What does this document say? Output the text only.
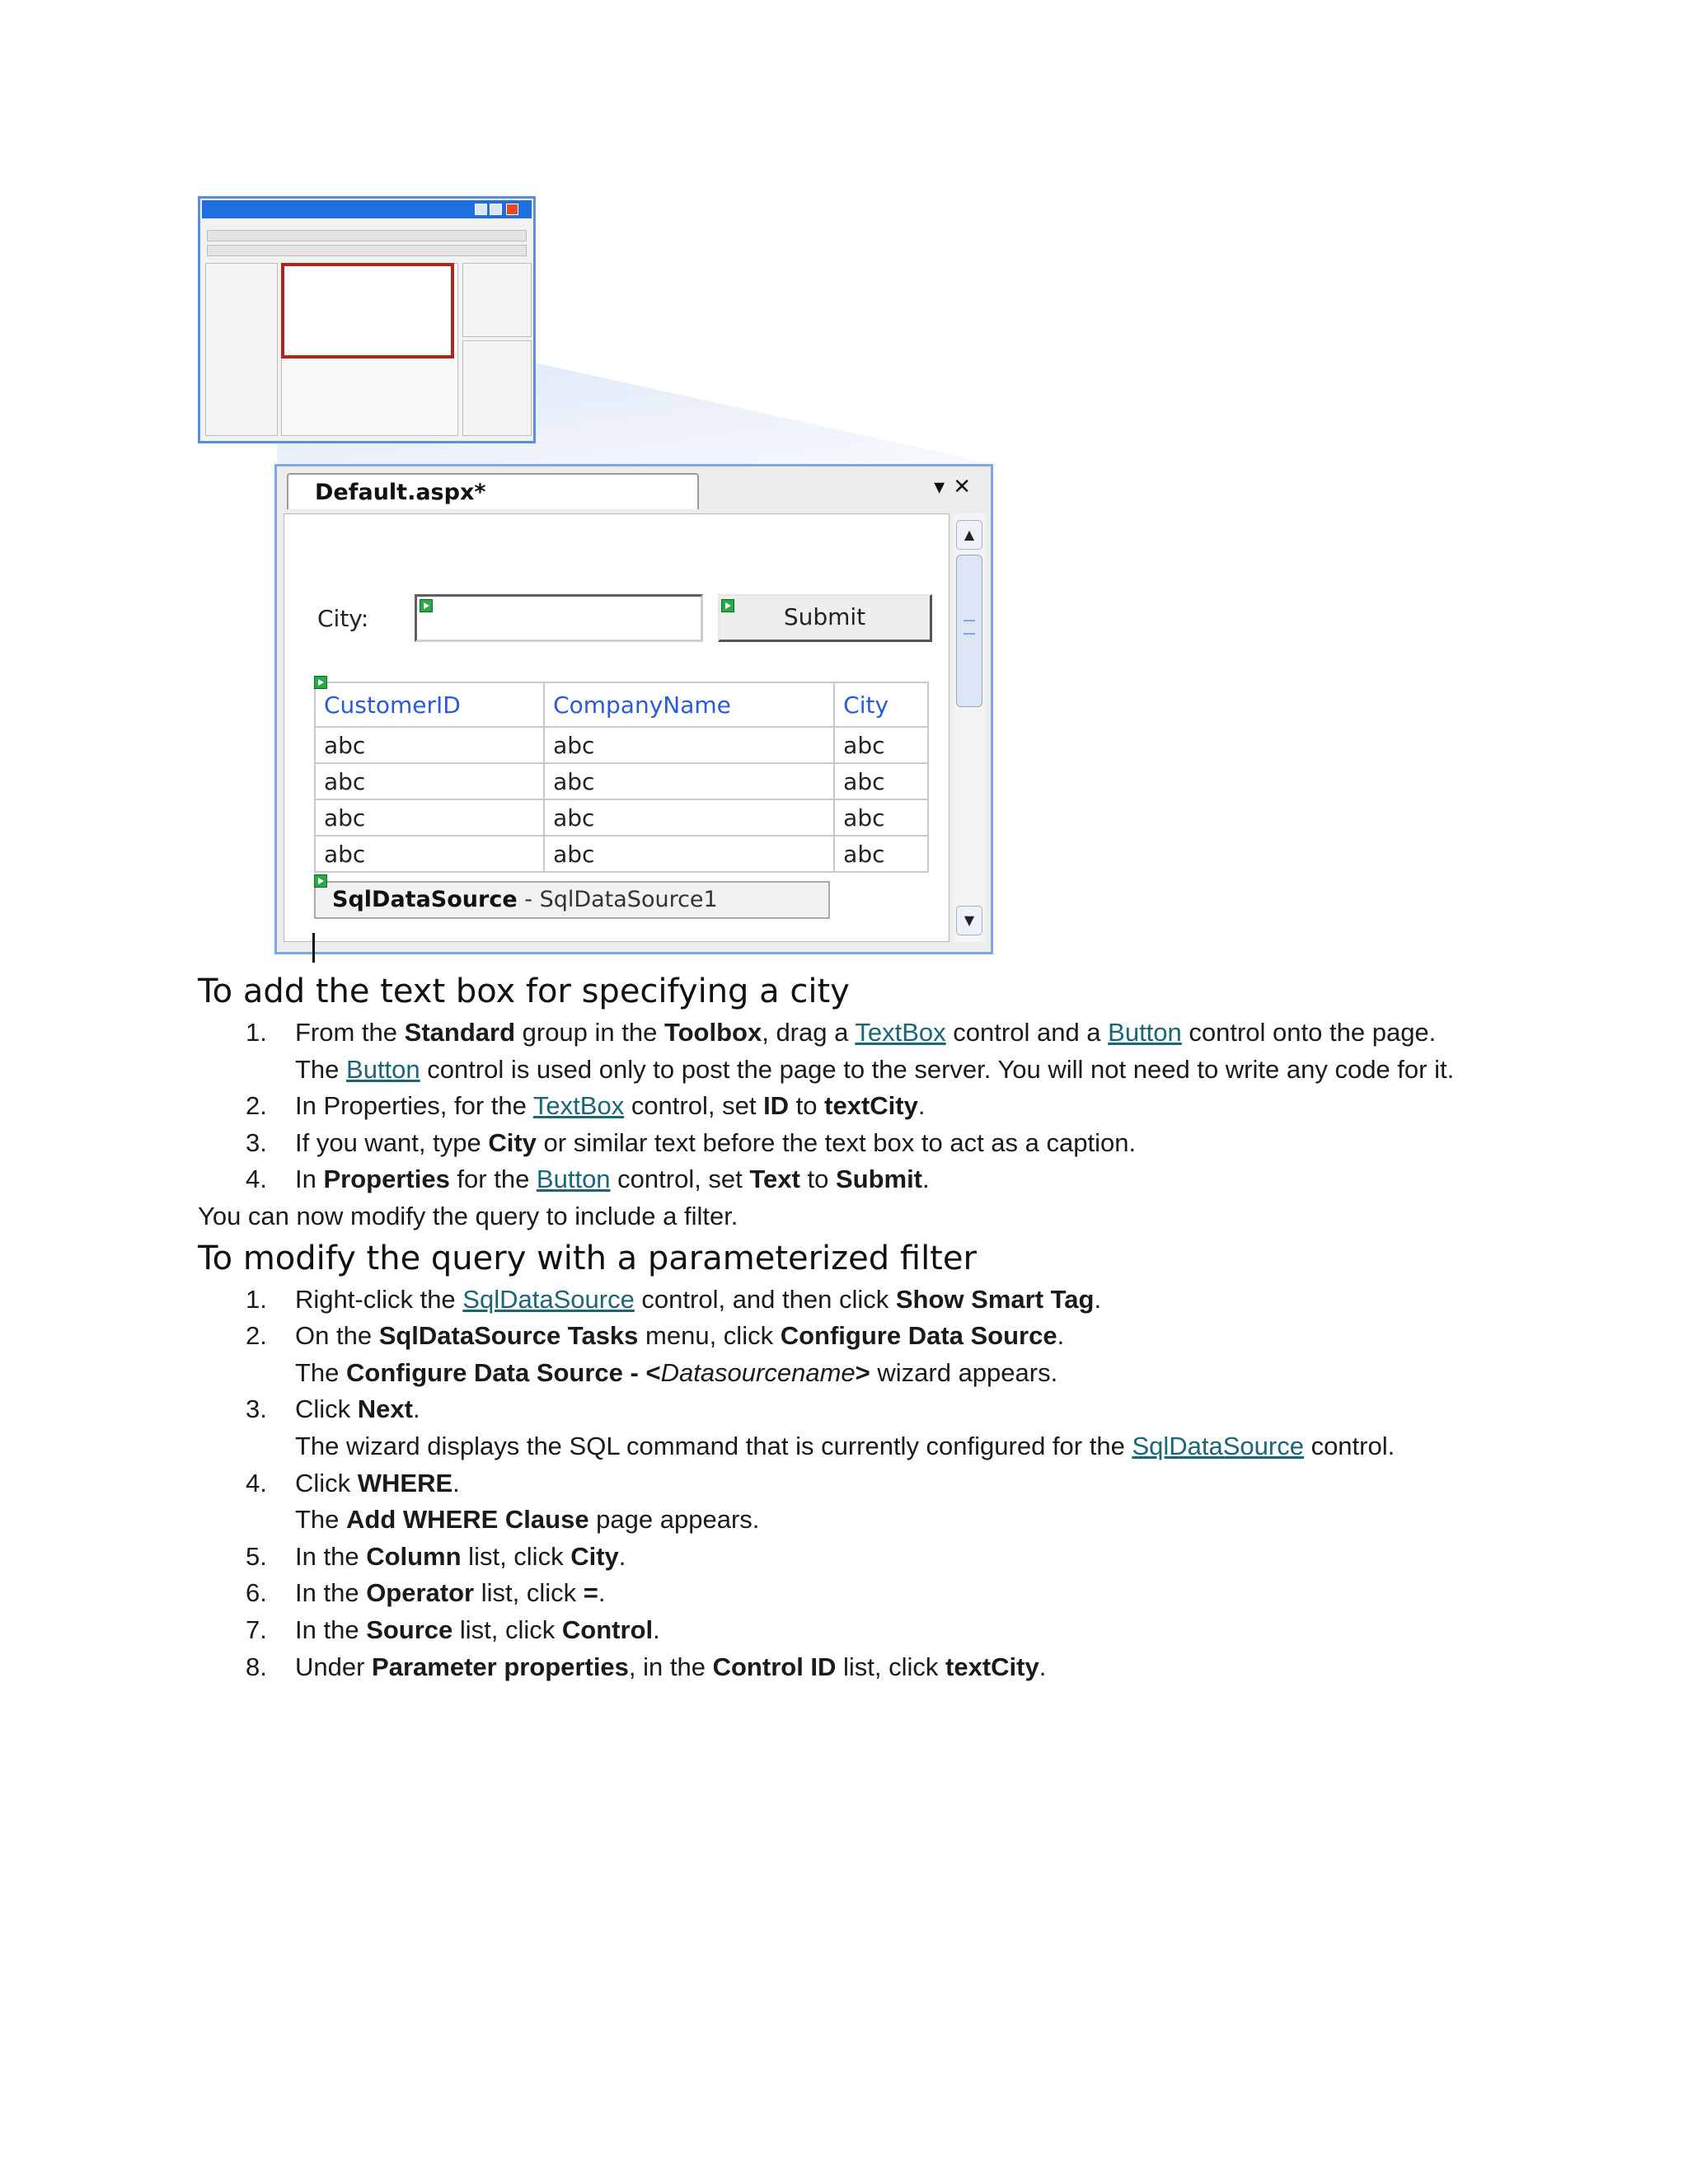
Default.aspx*	▾✕
City:	Submit
CustomerID	CompanyName	City
abc	abc	abc
abc	abc	abc
abc	abc	abc
abc	abc	abc
SqlDataSource - SqlDataSource1
▲
▼
To add the text box for specifying a city
1. From the Standard group in the Toolbox, drag a TextBox control and a Button control onto the page.
The Button control is used only to post the page to the server. You will not need to write any code for it.
2. In Properties, for the TextBox control, set ID to textCity.
3. If you want, type City or similar text before the text box to act as a caption.
4. In Properties for the Button control, set Text to Submit.
You can now modify the query to include a filter.
To modify the query with a parameterized filter
1. Right-click the SqlDataSource control, and then click Show Smart Tag.
2. On the SqlDataSource Tasks menu, click Configure Data Source.
The Configure Data Source - <Datasourcename> wizard appears.
3. Click Next.
The wizard displays the SQL command that is currently configured for the SqlDataSource control.
4. Click WHERE.
The Add WHERE Clause page appears.
5. In the Column list, click City.
6. In the Operator list, click =.
7. In the Source list, click Control.
8. Under Parameter properties, in the Control ID list, click textCity.
